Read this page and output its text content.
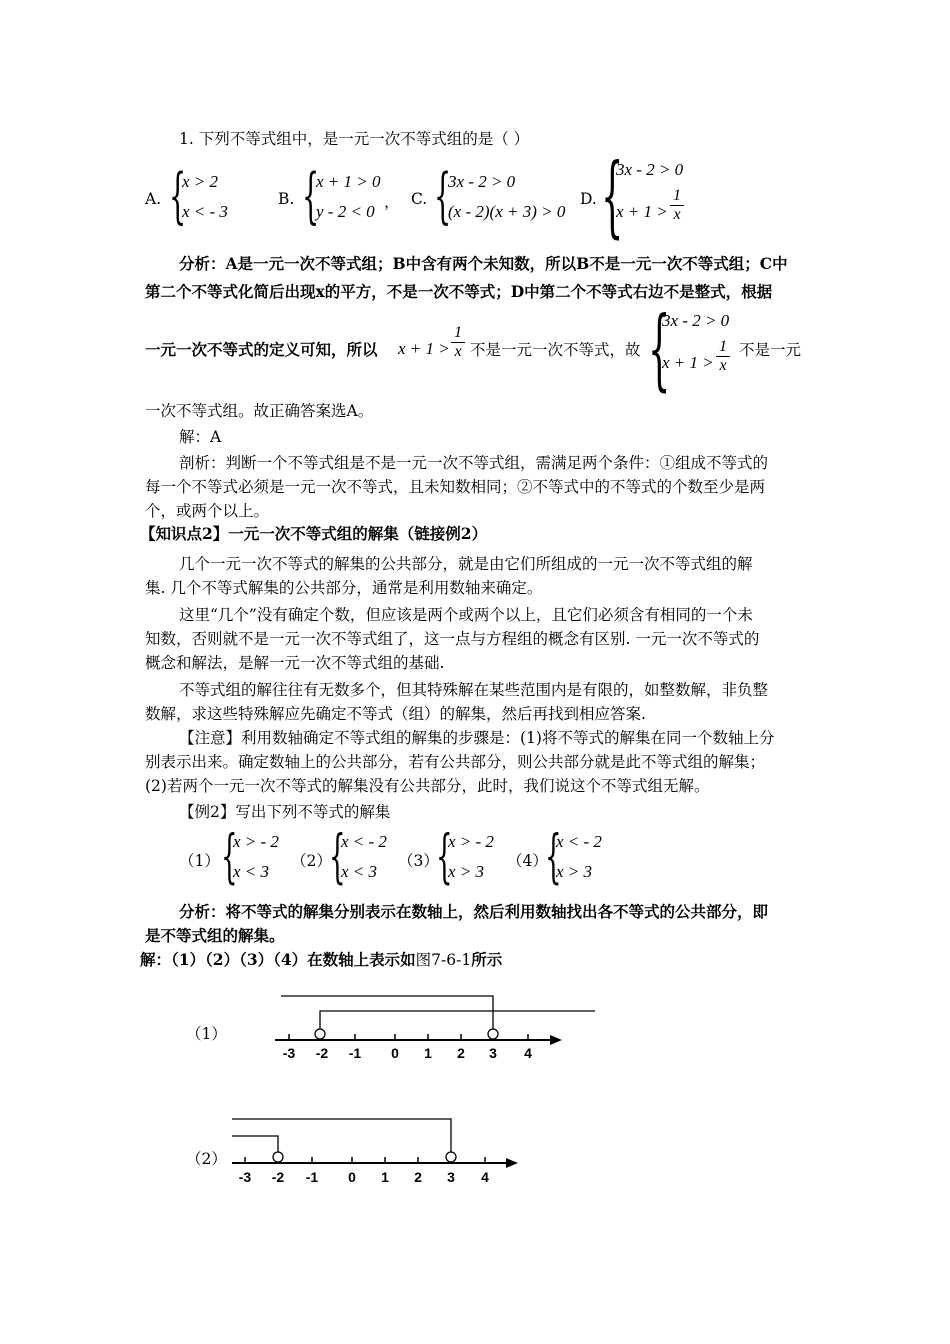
1. 下列不等式组中，是一元一次不等式组的是（ ）
A. {
x > 2
x < - 3
B. {
x + 1 > 0
y - 2 < 0 ， C. {
3x - 2 > 0
(x - 2)(x + 3) > 0
D. {
3x - 2 > 0
x + 1 >
1
x
分析：A是一元一次不等式组；B中含有两个未知数，所以B不是一元一次不等式组；C中
第二个不等式化简后出现x的平方，不是一次不等式；D中第二个不等式右边不是整式，根据
一元一次不等式的定义可知，所以 x + 1 >
1
x 不是一元一次不等式，故 {
3x - 2 > 0
x + 1 >
1
x
不是一元
一次不等式组。故正确答案选A。
解：A
剖析：判断一个不等式组是不是一元一次不等式组，需满足两个条件：①组成不等式的
每一个不等式必须是一元一次不等式，且未知数相同；②不等式中的不等式的个数至少是两
个，或两个以上。
【知识点2】一元一次不等式组的解集（链接例2）
几个一元一次不等式的解集的公共部分，就是由它们所组成的一元一次不等式组的解
集. 几个不等式解集的公共部分，通常是利用数轴来确定。
这里“几个”没有确定个数，但应该是两个或两个以上，且它们必须含有相同的一个未
知数，否则就不是一元一次不等式组了，这一点与方程组的概念有区别. 一元一次不等式的
概念和解法，是解一元一次不等式组的基础.
不等式组的解往往有无数多个，但其特殊解在某些范围内是有限的，如整数解，非负整
数解，求这些特殊解应先确定不等式（组）的解集，然后再找到相应答案.
【注意】利用数轴确定不等式组的解集的步骤是：(1)将不等式的解集在同一个数轴上分
别表示出来。确定数轴上的公共部分，若有公共部分，则公共部分就是此不等式组的解集；
(2)若两个一元一次不等式的解集没有公共部分，此时，我们说这个不等式组无解。
【例2】写出下列不等式的解集
（1） {
x > - 2
x < 3
（2）
{
x < - 2
x < 3
（3）
{
x > - 2
x > 3
（4）
{
x < - 2
x > 3
分析：将不等式的解集分别表示在数轴上，然后利用数轴找出各不等式的公共部分，即
是不等式组的解集。
解：（1）（2）（3）（4）在数轴上表示如图7-6-1所示
（1）
-3 -2 -1 0 1 2 3 4
-3 -2 -1 0 1 2 3 4
（2）
